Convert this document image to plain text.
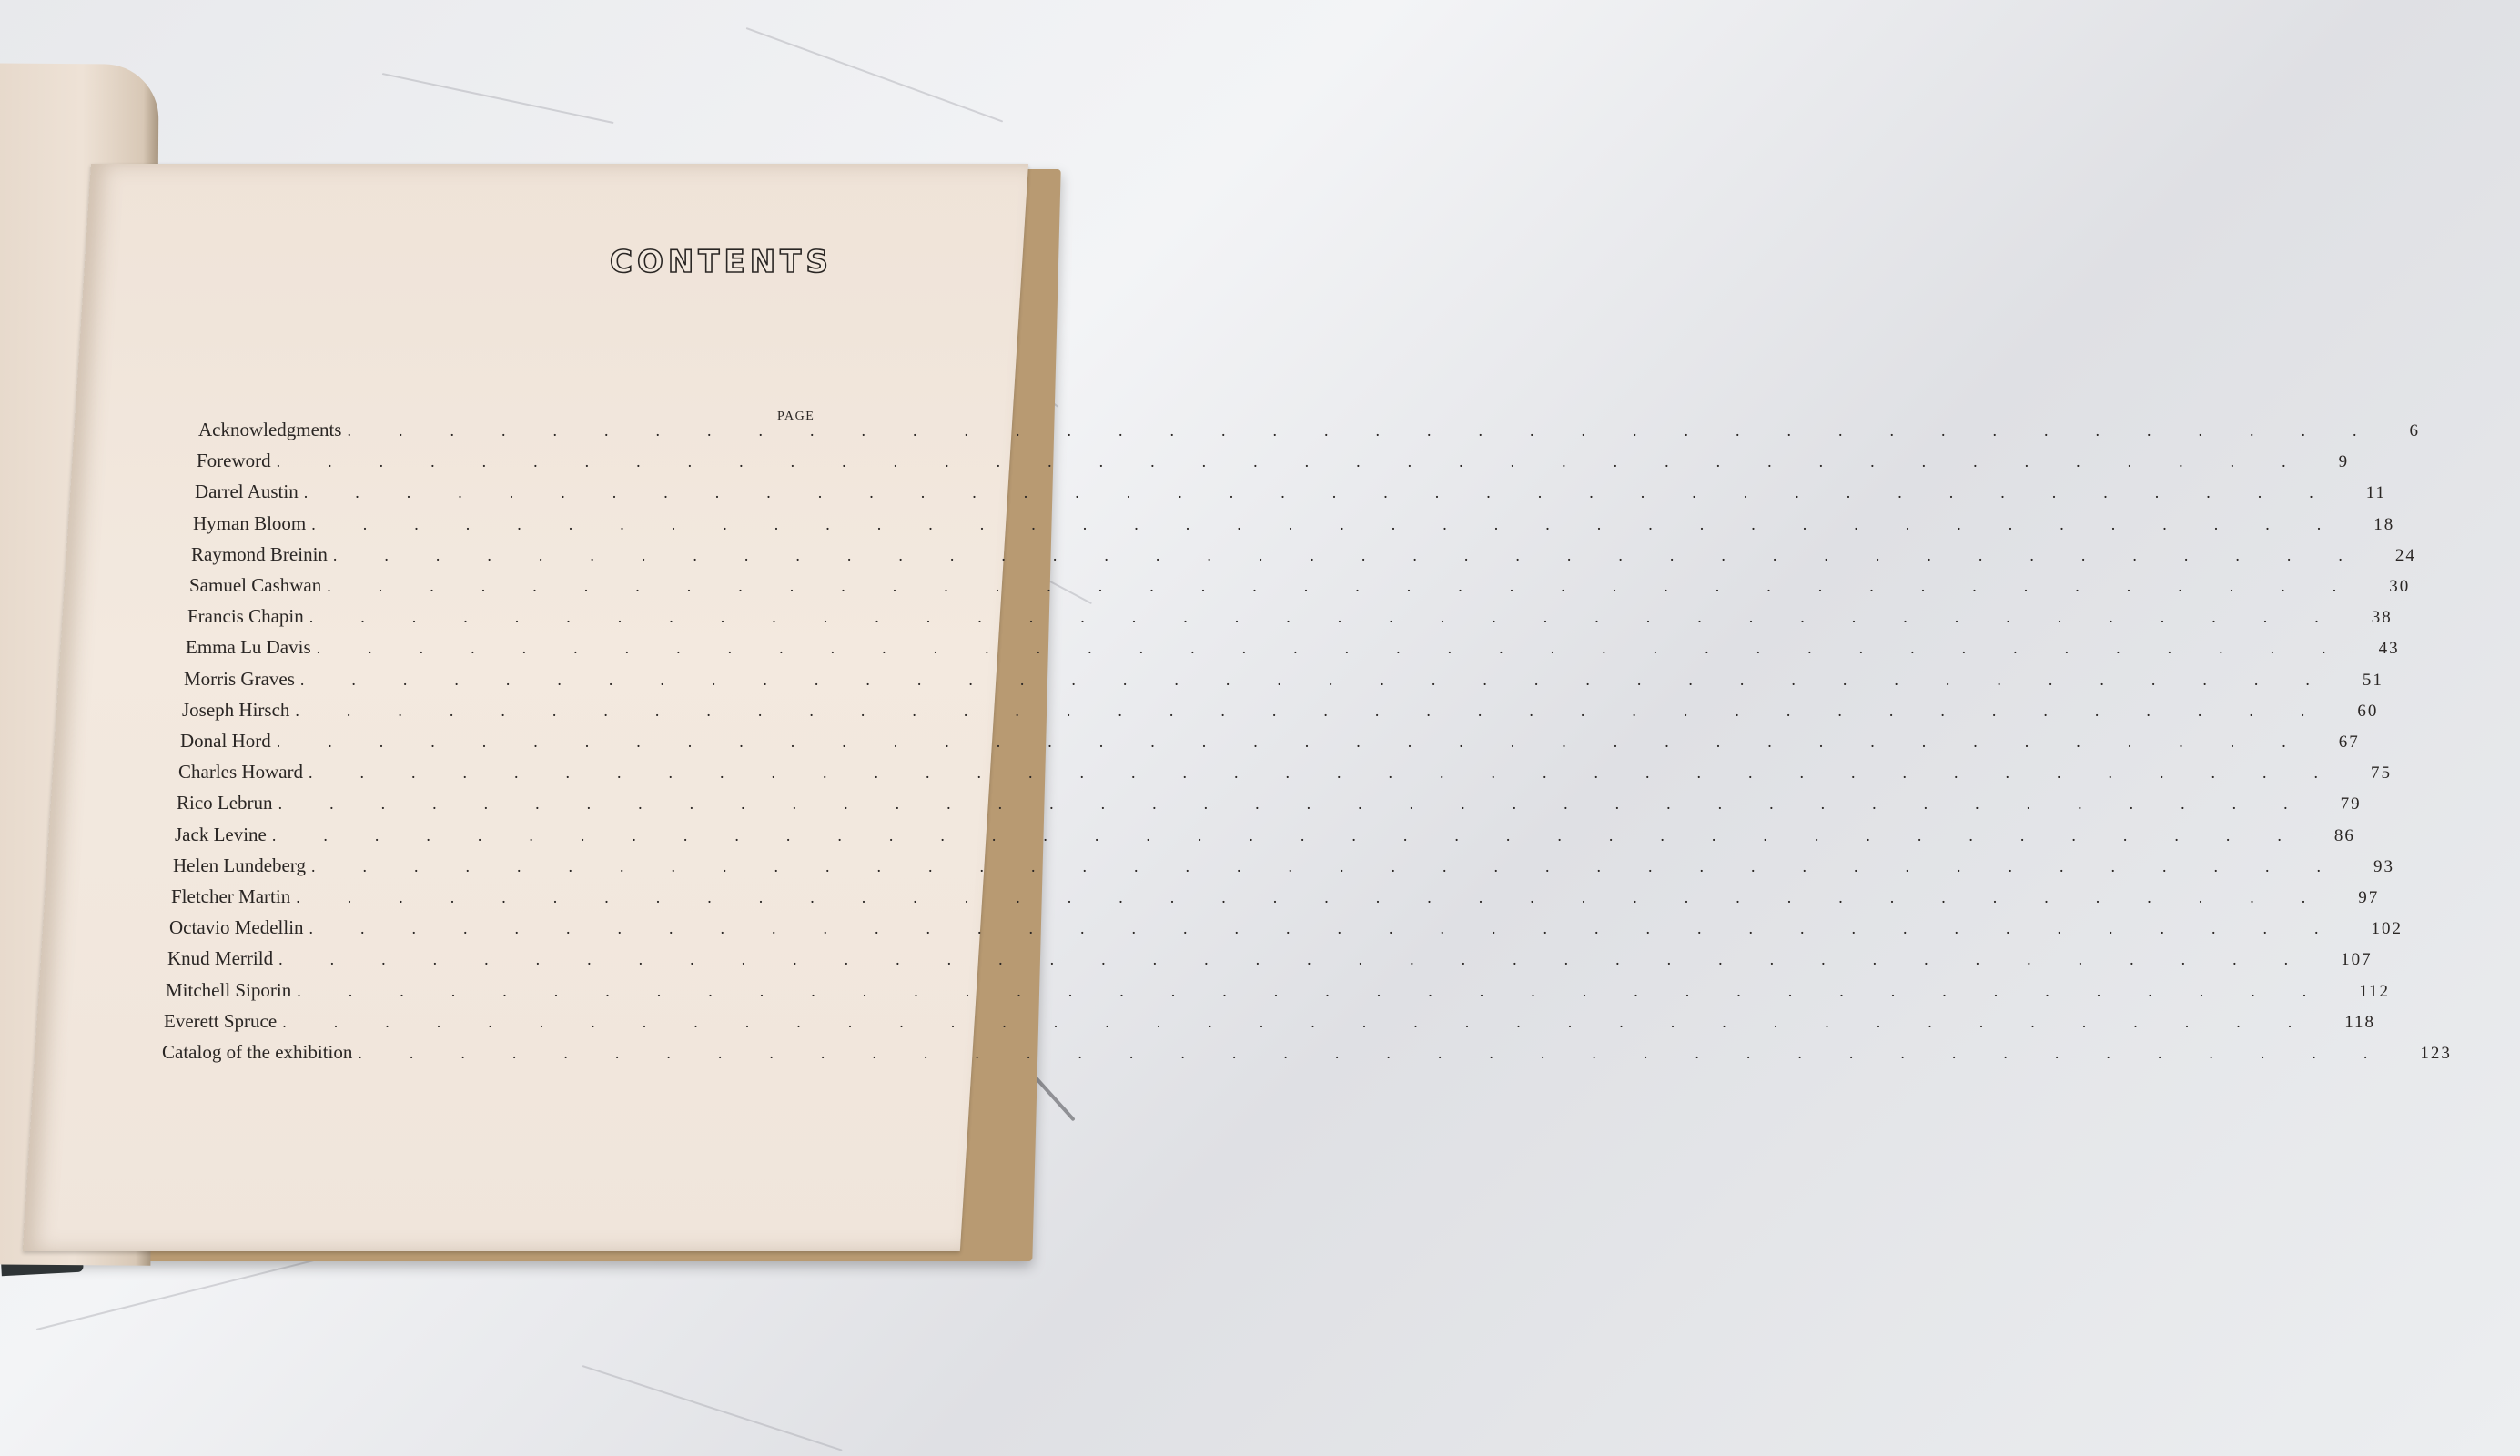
CONTENTS
PAGE
Acknowledgments ........................................ 6
Foreword ........................................ 9
Darrel Austin ........................................ 11
Hyman Bloom ........................................ 18
Raymond Breinin ........................................ 24
Samuel Cashwan ........................................ 30
Francis Chapin ........................................ 38
Emma Lu Davis ........................................ 43
Morris Graves ........................................ 51
Joseph Hirsch ........................................ 60
Donal Hord ........................................ 67
Charles Howard ........................................ 75
Rico Lebrun ........................................ 79
Jack Levine ........................................ 86
Helen Lundeberg ........................................ 93
Fletcher Martin ........................................ 97
Octavio Medellin ........................................ 102
Knud Merrild ........................................ 107
Mitchell Siporin ........................................ 112
Everett Spruce ........................................ 118
Catalog of the exhibition ........................................ 123
